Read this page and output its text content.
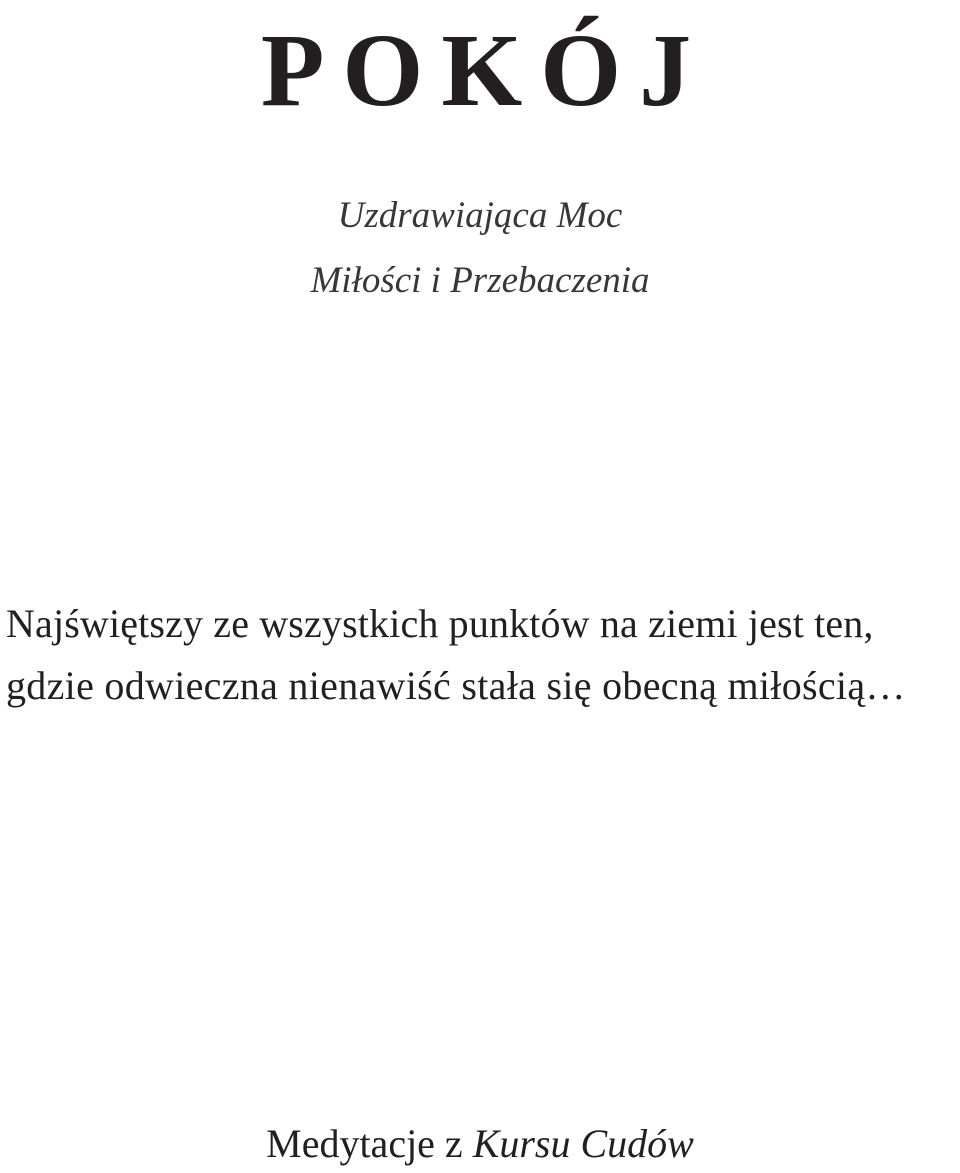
POKÓJ

Uzdrawiająca Moc

Miłości i Przebaczenia

Najświętszy ze wszystkich punktów na ziemi jest ten,

gdzie odwieczna nienawiść stała się obecną miłością…

Medytacje z Kursu Cudów
